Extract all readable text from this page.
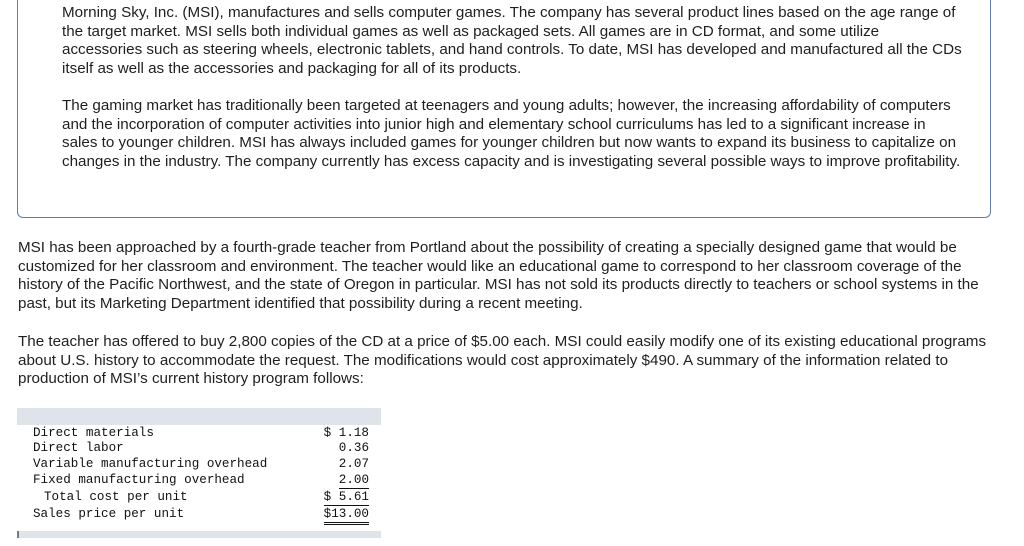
Morning Sky, Inc. (MSI), manufactures and sells computer games. The company has several product lines based on the age range of the target market. MSI sells both individual games as well as packaged sets. All games are in CD format, and some utilize accessories such as steering wheels, electronic tablets, and hand controls. To date, MSI has developed and manufactured all the CDs itself as well as the accessories and packaging for all of its products.

The gaming market has traditionally been targeted at teenagers and young adults; however, the increasing affordability of computers and the incorporation of computer activities into junior high and elementary school curriculums has led to a significant increase in sales to younger children. MSI has always included games for younger children but now wants to expand its business to capitalize on changes in the industry. The company currently has excess capacity and is investigating several possible ways to improve profitability.

MSI has been approached by a fourth-grade teacher from Portland about the possibility of creating a specially designed game that would be customized for her classroom and environment. The teacher would like an educational game to correspond to her classroom coverage of the history of the Pacific Northwest, and the state of Oregon in particular. MSI has not sold its products directly to teachers or school systems in the past, but its Marketing Department identified that possibility during a recent meeting.

The teacher has offered to buy 2,800 copies of the CD at a price of $5.00 each. MSI could easily modify one of its existing educational programs about U.S. history to accommodate the request. The modifications would cost approximately $490. A summary of the information related to production of MSI’s current history program follows:

Direct materials	$ 1.18
Direct labor	0.36
Variable manufacturing overhead	2.07
Fixed manufacturing overhead	2.00
Total cost per unit	$ 5.61
Sales price per unit	$13.00
